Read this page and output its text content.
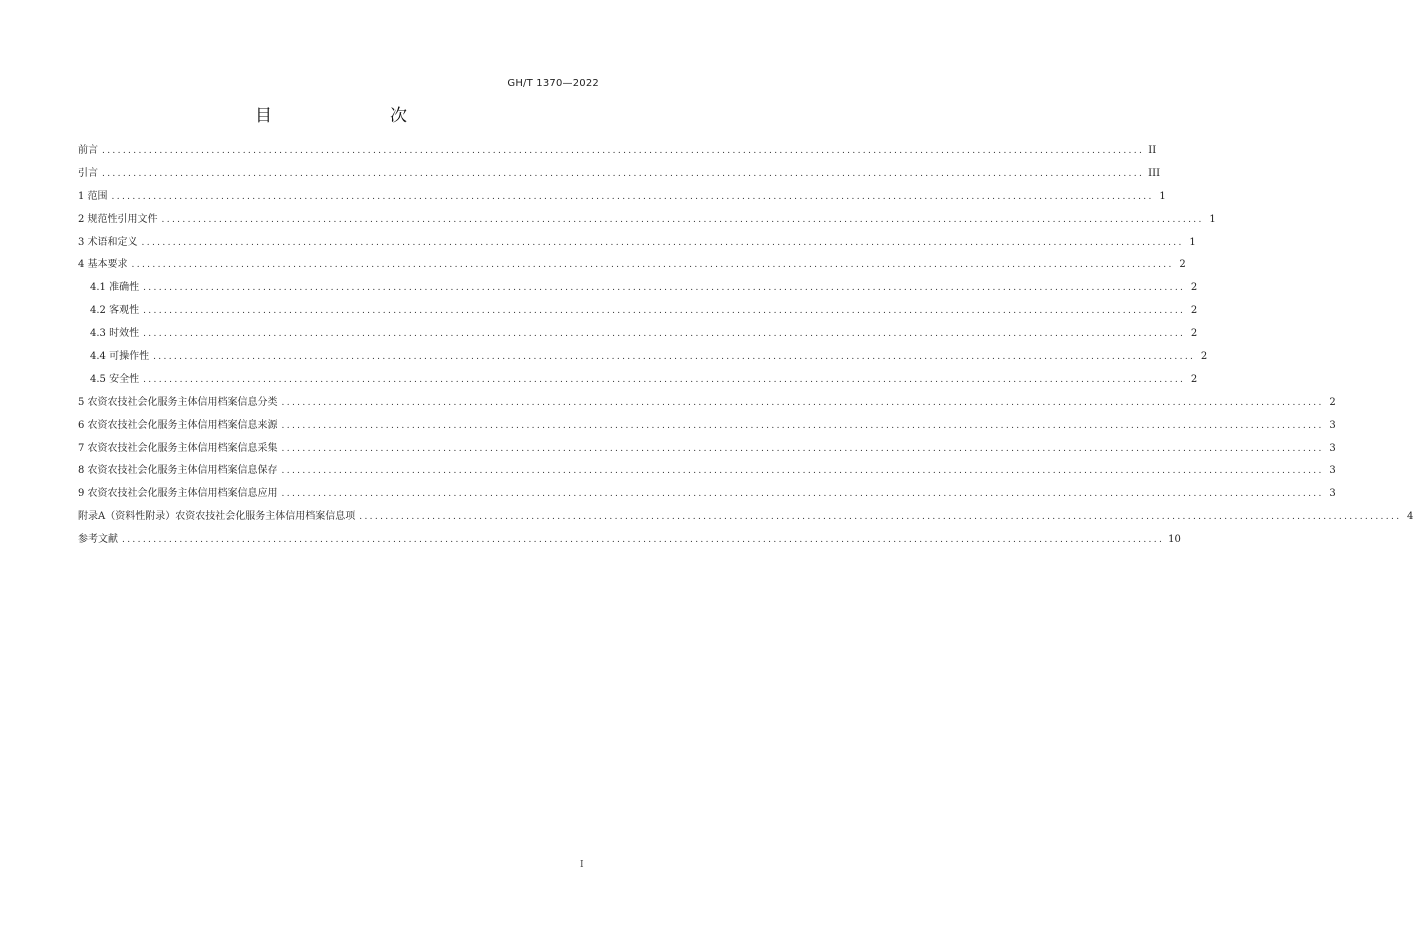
GH/T 1370—2022
目　　次
前言 ........................................................................................................................................................................................................ II
引言 ........................................................................................................................................................................................................ III
1 范围 ........................................................................................................................................................................................................ 1
2 规范性引用文件 ........................................................................................................................................................................................................ 1
3 术语和定义 ........................................................................................................................................................................................................ 1
4 基本要求 ........................................................................................................................................................................................................ 2
4.1 准确性 ........................................................................................................................................................................................................ 2
4.2 客观性 ........................................................................................................................................................................................................ 2
4.3 时效性 ........................................................................................................................................................................................................ 2
4.4 可操作性 ........................................................................................................................................................................................................ 2
4.5 安全性 ........................................................................................................................................................................................................ 2
5 农资农技社会化服务主体信用档案信息分类 ........................................................................................................................................................................................................ 2
6 农资农技社会化服务主体信用档案信息来源 ........................................................................................................................................................................................................ 3
7 农资农技社会化服务主体信用档案信息采集 ........................................................................................................................................................................................................ 3
8 农资农技社会化服务主体信用档案信息保存 ........................................................................................................................................................................................................ 3
9 农资农技社会化服务主体信用档案信息应用 ........................................................................................................................................................................................................ 3
附录A（资料性附录）农资农技社会化服务主体信用档案信息项 ........................................................................................................................................................................................................ 4
参考文献 ........................................................................................................................................................................................................ 10
I
